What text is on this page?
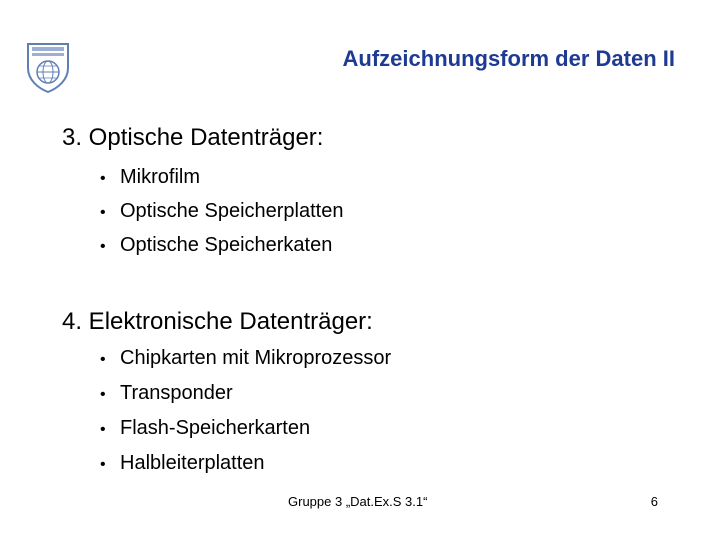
Aufzeichnungsform der Daten II
3. Optische Datenträger:
• Mikrofilm
• Optische Speicherplatten
• Optische Speicherkaten
4. Elektronische Datenträger:
• Chipkarten mit Mikroprozessor
• Transponder
• Flash-Speicherkarten
• Halbleiterplatten
Gruppe 3 „Dat.Ex.S 3.1“	6
